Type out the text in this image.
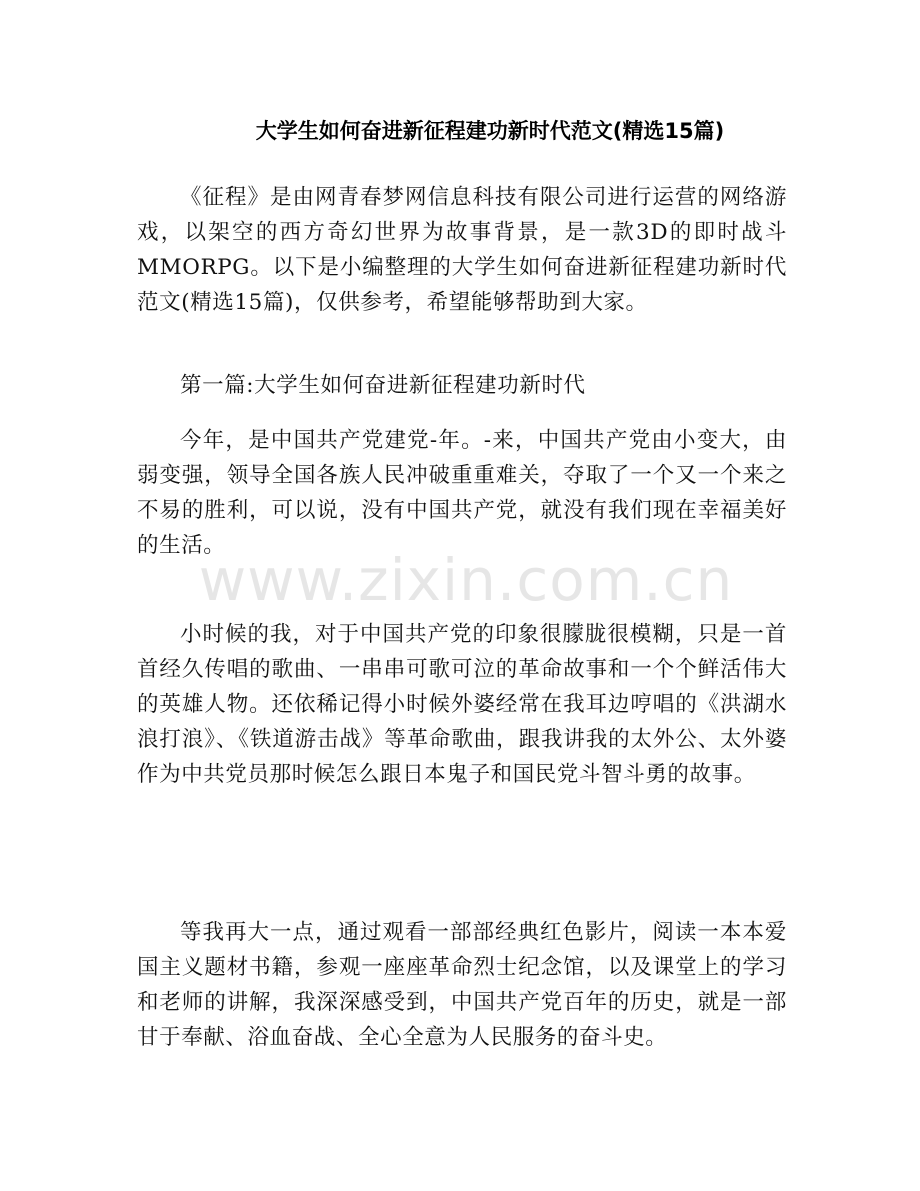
大学生如何奋进新征程建功新时代范文(精选15篇)

《征程》是由网青春梦网信息科技有限公司进行运营的网络游戏，以架空的西方奇幻世界为故事背景，是一款3D的即时战斗MMORPG。以下是小编整理的大学生如何奋进新征程建功新时代范文(精选15篇)，仅供参考，希望能够帮助到大家。

第一篇:大学生如何奋进新征程建功新时代

今年，是中国共产党建党-年。-来，中国共产党由小变大，由弱变强，领导全国各族人民冲破重重难关，夺取了一个又一个来之不易的胜利，可以说，没有中国共产党，就没有我们现在幸福美好的生活。

小时候的我，对于中国共产党的印象很朦胧很模糊，只是一首首经久传唱的歌曲、一串串可歌可泣的革命故事和一个个鲜活伟大的英雄人物。还依稀记得小时候外婆经常在我耳边哼唱的《洪湖水浪打浪》、《铁道游击战》等革命歌曲，跟我讲我的太外公、太外婆作为中共党员那时候怎么跟日本鬼子和国民党斗智斗勇的故事。

等我再大一点，通过观看一部部经典红色影片，阅读一本本爱国主义题材书籍，参观一座座革命烈士纪念馆，以及课堂上的学习和老师的讲解，我深深感受到，中国共产党百年的历史，就是一部甘于奉献、浴血奋战、全心全意为人民服务的奋斗史。

www.zixin.com.cn
